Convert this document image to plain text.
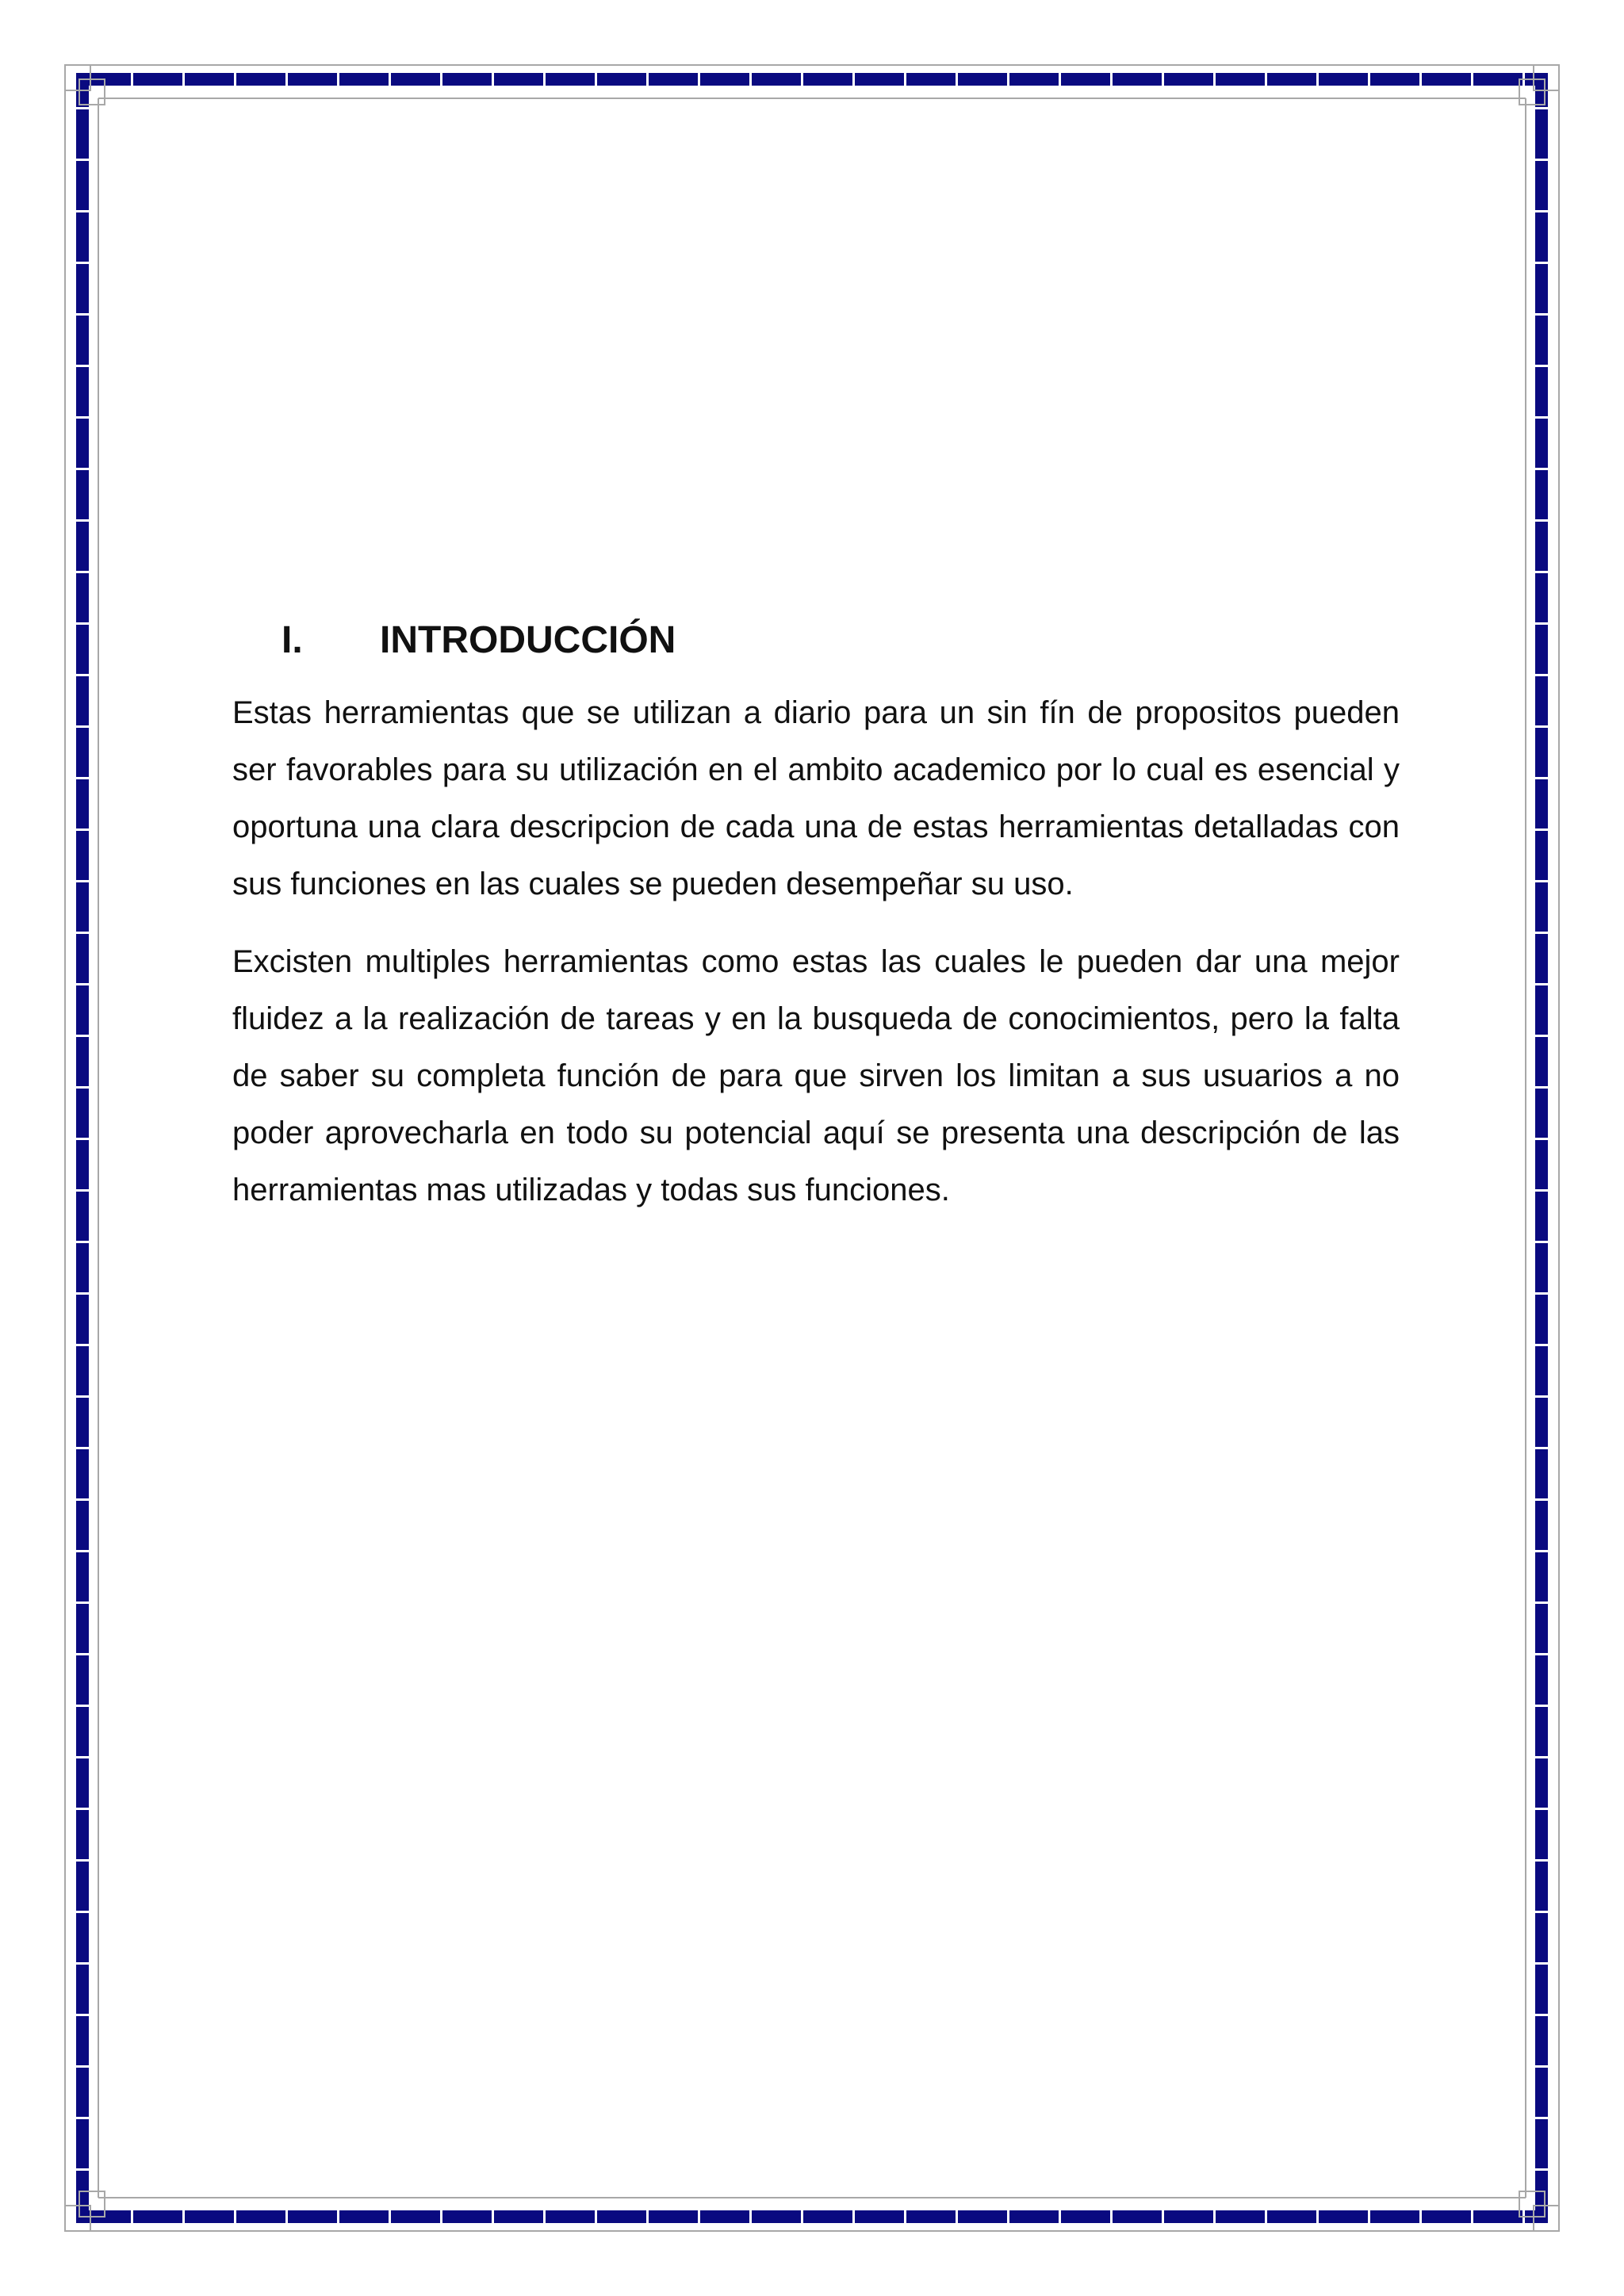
I.	INTRODUCCIÓN

Estas herramientas que se utilizan a diario para un sin fín de propositos pueden ser favorables para su utilización en el ambito academico por lo cual es esencial y oportuna una clara descripcion de cada una de estas herramientas detalladas con sus funciones en las cuales se pueden desempeñar su uso.

Excisten multiples herramientas como estas las cuales le pueden dar una mejor fluidez a la realización de tareas y en la busqueda de conocimientos, pero la falta de saber su completa función de para que sirven los limitan a sus usuarios a no poder aprovecharla en todo su potencial aquí se presenta una descripción de las herramientas mas utilizadas y todas sus funciones.
